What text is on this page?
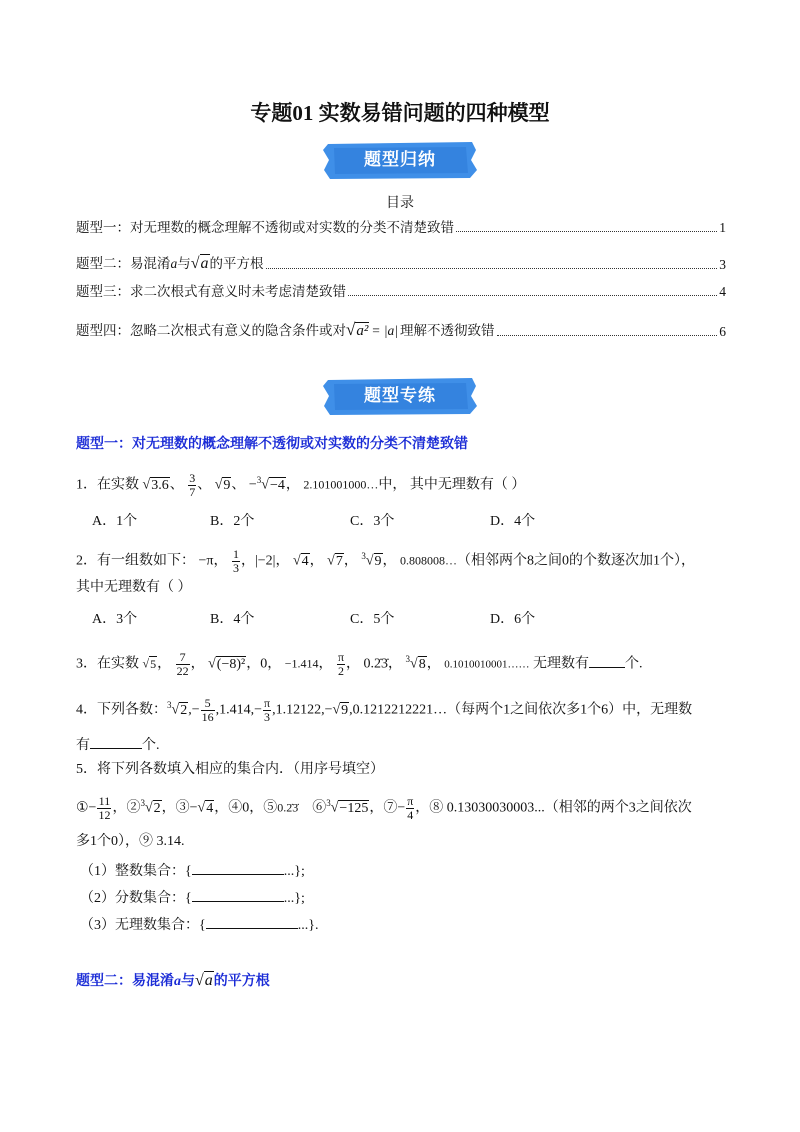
专题01 实数易错问题的四种模型
题型归纳
目录
题型一：对无理数的概念理解不透彻或对实数的分类不清楚致错	1
题型二：易混淆a与√a的平方根	3
题型三：求二次根式有意义时未考虑清楚致错	4
题型四：忽略二次根式有意义的隐含条件或对√a² = |a| 理解不透彻致错	6
题型专练
题型一：对无理数的概念理解不透彻或对实数的分类不清楚致错
1．在实数 √3.6、 $\frac{3}{7}$ 、 √9、 −$^3$√−4， 2.101001000…中， 其中无理数有（ ）
A．1个	B．2个	C．3个	D．4个
2．有一组数如下： −π， $\frac{1}{3}$ ，|−2|， √4， √7， $^3$√9， 0.808008…（相邻两个8之间0的个数逐次加1个），
其中无理数有（ ）
A．3个	B．4个	C．5个	D．6个
3．在实数 √5， $\frac{7}{22}$ ， √(−8)²，0， −1.414， $\frac{\pi}{2}$ ， 0.2̇3̇， $^3$√8， 0.1010010001…… 无理数有	个.
4．下列各数：$^3√2,- \frac{5}{16} ,1.414,- \frac{\pi}{3}$ ,1.12122,−√9,0.1212212221…（每两个1之间依次多1个6）中，无理数
有	个.
5．将下列各数填入相应的集合内．（用序号填空）
①− $\frac{11}{12}$ ，②$^3$√2，③−√4，④0，⑤0.2̇3̇　⑥$^3$√−125，⑦− $\frac{\pi}{4}$ ，⑧ 0.13030030003...（相邻的两个3之间依次
多1个0），⑨ 3.14.
（1）整数集合：{	...};
（2）分数集合：{	...};
（3）无理数集合：{	...}.
题型二：易混淆a与√a的平方根
